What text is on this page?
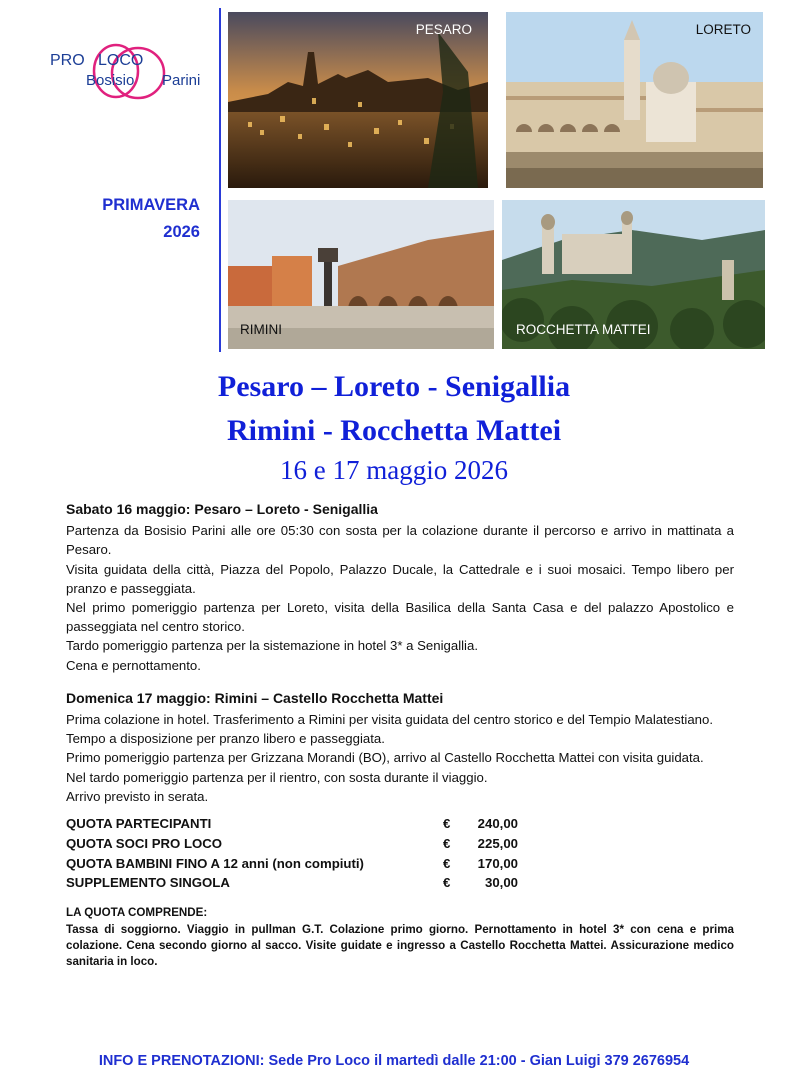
PRO LOCO
Bosisio Parini
PRIMAVERA
2026
PESARO	LORETO
RIMINI	ROCCHETTA MATTEI
Pesaro – Loreto - Senigallia
Rimini - Rocchetta Mattei
16 e 17 maggio 2026
Sabato 16 maggio: Pesaro – Loreto - Senigallia

Partenza da Bosisio Parini alle ore 05:30 con sosta per la colazione durante il percorso e arrivo in mattinata a Pesaro.

Visita guidata della città, Piazza del Popolo, Palazzo Ducale, la Cattedrale e i suoi mosaici. Tempo libero per pranzo e passeggiata.

Nel primo pomeriggio partenza per Loreto, visita della Basilica della Santa Casa e del palazzo Apostolico e passeggiata nel centro storico.

Tardo pomeriggio partenza per la sistemazione in hotel 3* a Senigallia.

Cena e pernottamento.

Domenica 17 maggio: Rimini – Castello Rocchetta Mattei

Prima colazione in hotel. Trasferimento a Rimini per visita guidata del centro storico e del Tempio Malatestiano.

Tempo a disposizione per pranzo libero e passeggiata.

Primo pomeriggio partenza per Grizzana Morandi (BO), arrivo al Castello Rocchetta Mattei con visita guidata.

Nel tardo pomeriggio partenza per il rientro, con sosta durante il viaggio.

Arrivo previsto in serata.

QUOTA PARTECIPANTI	€	240,00
QUOTA SOCI PRO LOCO	€	225,00
QUOTA BAMBINI FINO A 12 anni (non compiuti)	€	170,00
SUPPLEMENTO SINGOLA	€	30,00
LA QUOTA COMPRENDE:

Tassa di soggiorno. Viaggio in pullman G.T. Colazione primo giorno. Pernottamento in hotel 3* con cena e prima colazione. Cena secondo giorno al sacco. Visite guidate e ingresso a Castello Rocchetta Mattei. Assicurazione medico sanitaria in loco.

INFO E PRENOTAZIONI: Sede Pro Loco il martedì dalle 21:00 - Gian Luigi 379 2676954
